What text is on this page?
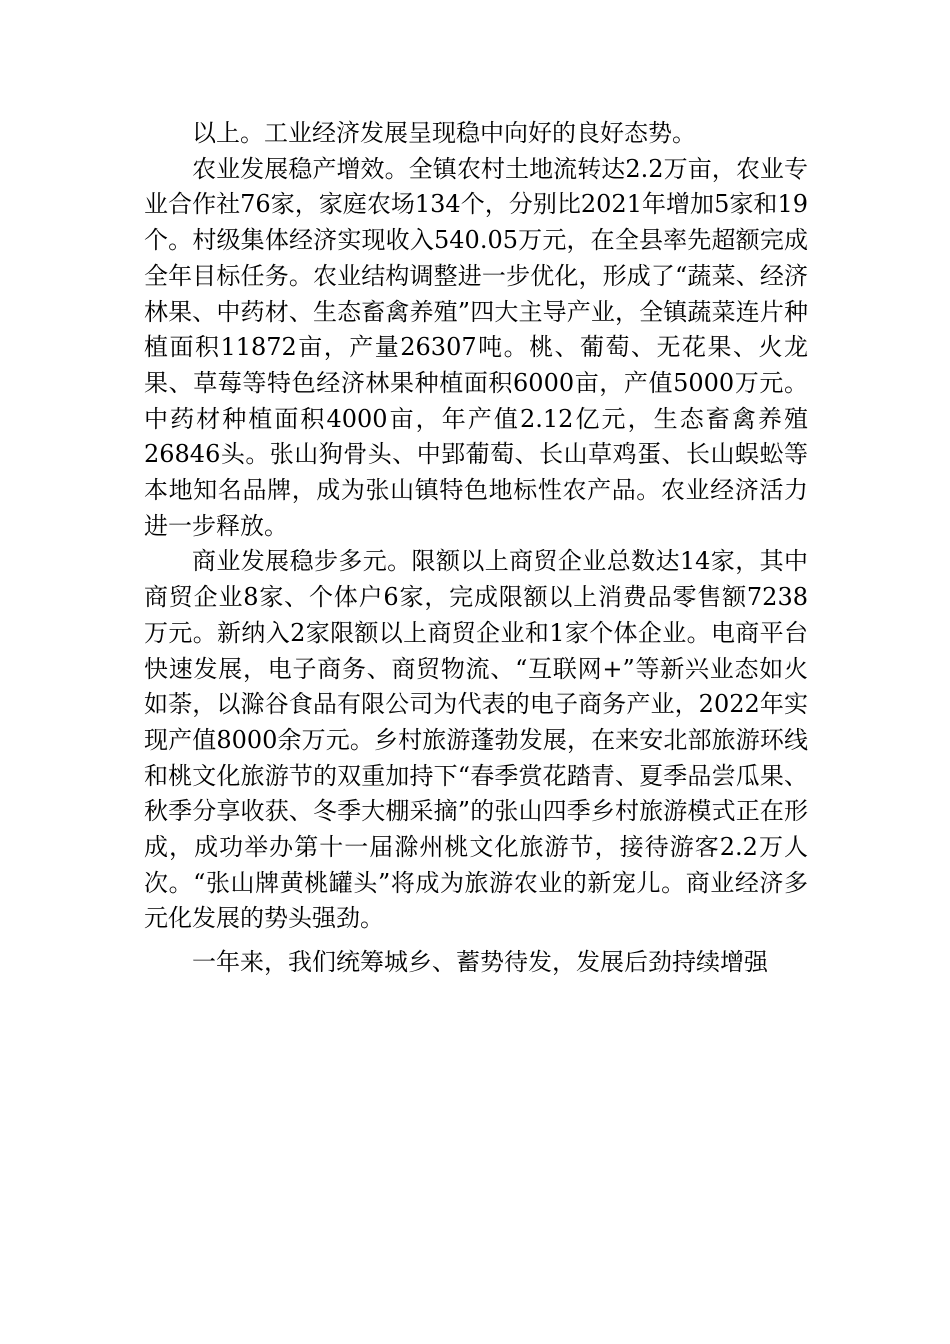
以上。工业经济发展呈现稳中向好的良好态势。

农业发展稳产增效。全镇农村土地流转达2.2万亩，农业专业合作社76家，家庭农场134个，分别比2021年增加5家和19个。村级集体经济实现收入540.05万元，在全县率先超额完成全年目标任务。农业结构调整进一步优化，形成了“蔬菜、经济林果、中药材、生态畜禽养殖”四大主导产业，全镇蔬菜连片种植面积11872亩，产量26307吨。桃、葡萄、无花果、火龙果、草莓等特色经济林果种植面积6000亩，产值5000万元。中药材种植面积4000亩，年产值2.12亿元，生态畜禽养殖26846头。张山狗骨头、中郢葡萄、长山草鸡蛋、长山蜈蚣等本地知名品牌，成为张山镇特色地标性农产品。农业经济活力进一步释放。

商业发展稳步多元。限额以上商贸企业总数达14家，其中商贸企业8家、个体户6家，完成限额以上消费品零售额7238万元。新纳入2家限额以上商贸企业和1家个体企业。电商平台快速发展，电子商务、商贸物流、“互联网+”等新兴业态如火如荼，以滁谷食品有限公司为代表的电子商务产业，2022年实现产值8000余万元。乡村旅游蓬勃发展，在来安北部旅游环线和桃文化旅游节的双重加持下“春季赏花踏青、夏季品尝瓜果、秋季分享收获、冬季大棚采摘”的张山四季乡村旅游模式正在形成，成功举办第十一届滁州桃文化旅游节，接待游客2.2万人次。“张山牌黄桃罐头”将成为旅游农业的新宠儿。商业经济多元化发展的势头强劲。

一年来，我们统筹城乡、蓄势待发，发展后劲持续增强
